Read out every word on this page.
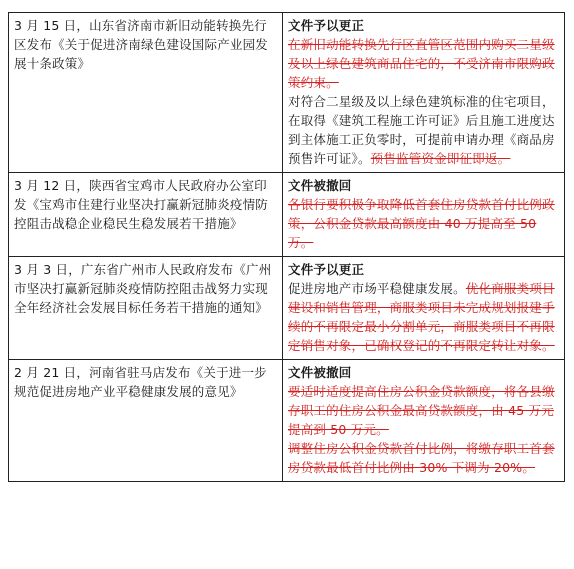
3 月 15 日，山东省济南市新旧动能转换先行区发布《关于促进济南绿色建设国际产业园发展十条政策》	文件予以更正
在新旧动能转换先行区直管区范围内购买二星级及以上绿色建筑商品住宅的，不受济南市限购政策约束。
对符合二星级及以上绿色建筑标准的住宅项目，在取得《建筑工程施工许可证》后且施工进度达到主体施工正负零时，可提前申请办理《商品房预售许可证》。预售监管资金即征即返。
3 月 12 日，陕西省宝鸡市人民政府办公室印发《宝鸡市住建行业坚决打赢新冠肺炎疫情防控阻击战稳企业稳民生稳发展若干措施》	文件被撤回
各银行要积极争取降低首套住房贷款首付比例政策，公积金贷款最高额度由 40 万提高至 50 万。
3 月 3 日，广东省广州市人民政府发布《广州市坚决打赢新冠肺炎疫情防控阻击战努力实现全年经济社会发展目标任务若干措施的通知》	文件予以更正
促进房地产市场平稳健康发展。优化商服类项目建设和销售管理，商服类项目未完成规划报建手续的不再限定最小分割单元，商服类项目不再限定销售对象，已确权登记的不再限定转让对象。
2 月 21 日，河南省驻马店发布《关于进一步规范促进房地产业平稳健康发展的意见》	文件被撤回
要适时适度提高住房公积金贷款额度，将各县缴存职工的住房公积金最高贷款额度，由 45 万元提高到 50 万元。
调整住房公积金贷款首付比例，将缴存职工首套房贷款最低首付比例由 30% 下调为 20%。
